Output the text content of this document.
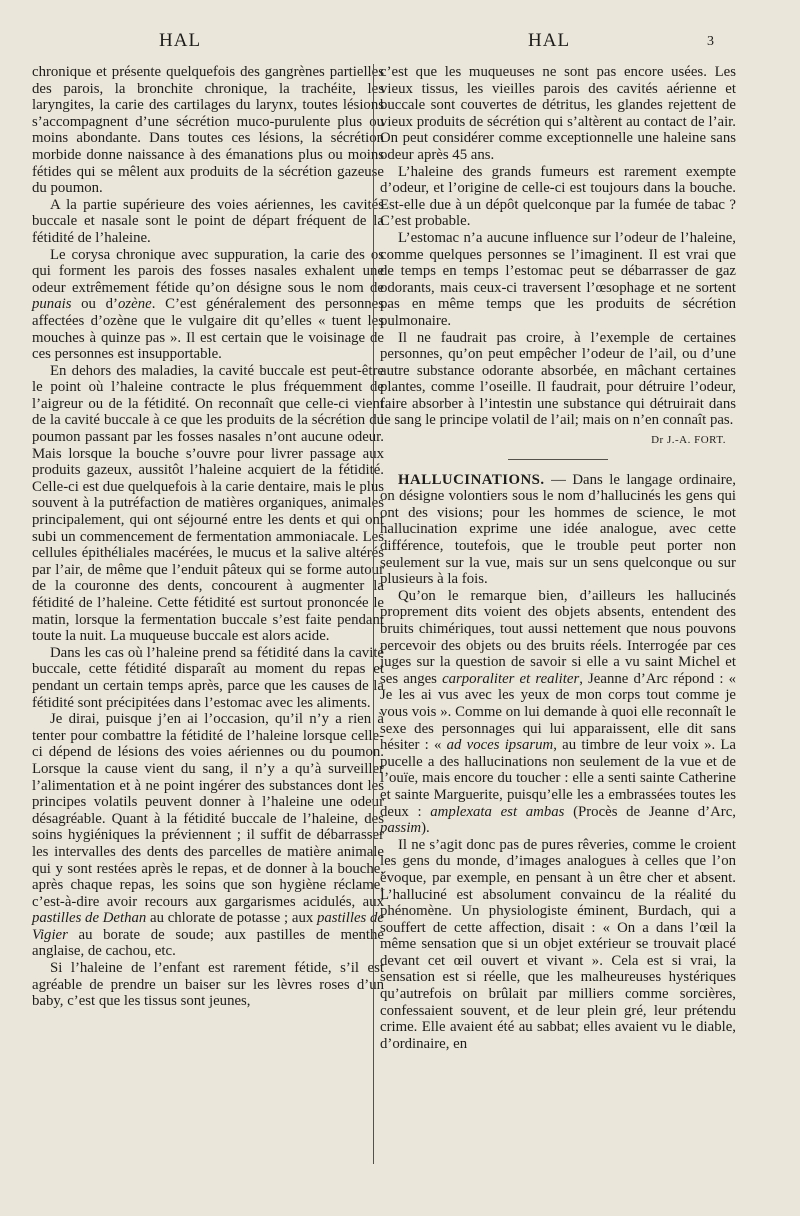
HAL	HAL	3

chronique et présente quelquefois des gangrènes partielles des parois, la bronchite chronique, la trachéite, les laryngites, la carie des cartilages du larynx, toutes lésions s’accompagnent d’une sécrétion muco-purulente plus ou moins abondante. Dans toutes ces lésions, la sécrétion morbide donne naissance à des émanations plus ou moins fétides qui se mêlent aux produits de la sécrétion gazeuse du poumon.

A la partie supérieure des voies aériennes, les cavités buccale et nasale sont le point de départ fréquent de la fétidité de l’haleine.

Le corysa chronique avec suppuration, la carie des os qui forment les parois des fosses nasales exhalent une odeur extrêmement fétide qu’on désigne sous le nom de punais ou d’ozène. C’est généralement des personnes affectées d’ozène que le vulgaire dit qu’elles « tuent les mouches à quinze pas ». Il est certain que le voisinage de ces personnes est insupportable.

En dehors des maladies, la cavité buccale est peut-être le point où l’haleine contracte le plus fréquemment de l’aigreur ou de la fétidité. On reconnaît que celle-ci vient de la cavité buccale à ce que les produits de la sécrétion du poumon passant par les fosses nasales n’ont aucune odeur. Mais lorsque la bouche s’ouvre pour livrer passage aux produits gazeux, aussitôt l’haleine acquiert de la fétidité. Celle-ci est due quelquefois à la carie dentaire, mais le plus souvent à la putréfaction de matières organiques, animales principalement, qui ont séjourné entre les dents et qui ont subi un commencement de fermentation ammoniacale. Les cellules épithéliales macérées, le mucus et la salive altérés par l’air, de même que l’enduit pâteux qui se forme autour de la couronne des dents, concourent à augmenter la fétidité de l’haleine. Cette fétidité est surtout prononcée le matin, lorsque la fermentation buccale s’est faite pendant toute la nuit. La muqueuse buccale est alors acide.

Dans les cas où l’haleine prend sa fétidité dans la cavité buccale, cette fétidité disparaît au moment du repas et pendant un certain temps après, parce que les causes de la fétidité sont précipitées dans l’estomac avec les aliments.

Je dirai, puisque j’en ai l’occasion, qu’il n’y a rien à tenter pour combattre la fétidité de l’haleine lorsque celle-ci dépend de lésions des voies aériennes ou du poumon. Lorsque la cause vient du sang, il n’y a qu’à surveiller l’alimentation et à ne point ingérer des substances dont les principes volatils peuvent donner à l’haleine une odeur désagréable. Quant à la fétidité buccale de l’haleine, des soins hygiéniques la préviennent ; il suffit de débarrasser les intervalles des dents des parcelles de matière animale qui y sont restées après le repas, et de donner à la bouche, après chaque repas, les soins que son hygiène réclame, c’est-à-dire avoir recours aux gargarismes acidulés, aux pastilles de Dethan au chlorate de potasse ; aux pastilles de Vigier au borate de soude; aux pastilles de menthe anglaise, de cachou, etc.

Si l’haleine de l’enfant est rarement fétide, s’il est agréable de prendre un baiser sur les lèvres roses d’un baby, c’est que les tissus sont jeunes,

c’est que les muqueuses ne sont pas encore usées. Les vieux tissus, les vieilles parois des cavités aérienne et buccale sont couvertes de détritus, les glandes rejettent de vieux produits de sécrétion qui s’altèrent au contact de l’air. On peut considérer comme exceptionnelle une haleine sans odeur après 45 ans.

L’haleine des grands fumeurs est rarement exempte d’odeur, et l’origine de celle-ci est toujours dans la bouche. Est-elle due à un dépôt quelconque par la fumée de tabac ? C’est probable.

L’estomac n’a aucune influence sur l’odeur de l’haleine, comme quelques personnes se l’imaginent. Il est vrai que de temps en temps l’estomac peut se débarrasser de gaz odorants, mais ceux-ci traversent l’œsophage et ne sortent pas en même temps que les produits de sécrétion pulmonaire.

Il ne faudrait pas croire, à l’exemple de certaines personnes, qu’on peut empêcher l’odeur de l’ail, ou d’une autre substance odorante absorbée, en mâchant certaines plantes, comme l’oseille. Il faudrait, pour détruire l’odeur, faire absorber à l’intestin une substance qui détruirait dans le sang le principe volatil de l’ail; mais on n’en connaît pas.

Dr J.-A. FORT.

HALLUCINATIONS. — Dans le langage ordinaire, on désigne volontiers sous le nom d’hallucinés les gens qui ont des visions; pour les hommes de science, le mot hallucination exprime une idée analogue, avec cette différence, toutefois, que le trouble peut porter non seulement sur la vue, mais sur un sens quelconque ou sur plusieurs à la fois.

Qu’on le remarque bien, d’ailleurs les hallucinés proprement dits voient des objets absents, entendent des bruits chimériques, tout aussi nettement que nous pouvons percevoir des objets ou des bruits réels. Interrogée par ces juges sur la question de savoir si elle a vu saint Michel et ses anges carporaliter et realiter, Jeanne d’Arc répond : « Je les ai vus avec les yeux de mon corps tout comme je vous vois ». Comme on lui demande à quoi elle reconnaît le sexe des personnages qui lui apparaissent, elle dit sans hésiter : « ad voces ipsarum, au timbre de leur voix ». La pucelle a des hallucinations non seulement de la vue et de l’ouïe, mais encore du toucher : elle a senti sainte Catherine et sainte Marguerite, puisqu’elle les a embrassées toutes les deux : amplexata est ambas (Procès de Jeanne d’Arc, passim).

Il ne s’agit donc pas de pures rêveries, comme le croient les gens du monde, d’images analogues à celles que l’on évoque, par exemple, en pensant à un être cher et absent. L’halluciné est absolument convaincu de la réalité du phénomène. Un physiologiste éminent, Burdach, qui a souffert de cette affection, disait : « On a dans l’œil la même sensation que si un objet extérieur se trouvait placé devant cet œil ouvert et vivant ». Cela est si vrai, la sensation est si réelle, que les malheureuses hystériques qu’autrefois on brûlait par milliers comme sorcières, confessaient souvent, et de leur plein gré, leur prétendu crime. Elle avaient été au sabbat; elles avaient vu le diable, d’ordinaire, en
